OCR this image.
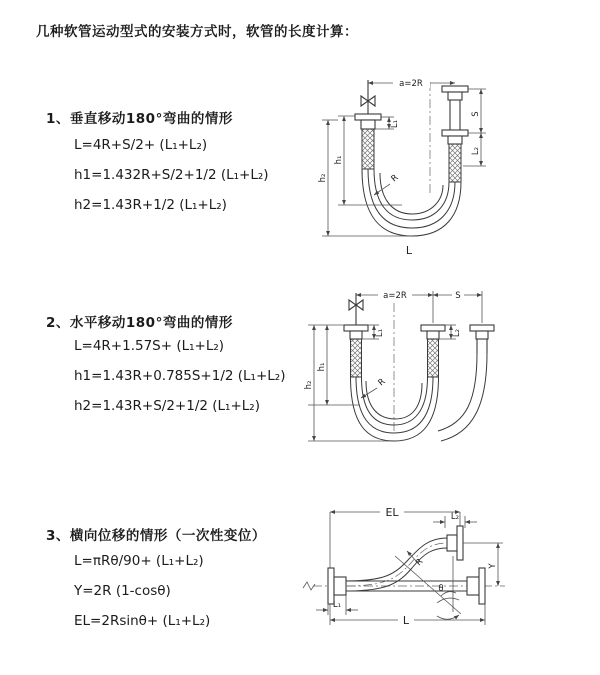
几种软管运动型式的安装方式时，软管的长度计算：
1、垂直移动180°弯曲的情形
L=4R+S/2+ (L₁+L₂)
h1=1.432R+S/2+1/2 (L₁+L₂)
h2=1.43R+1/2 (L₁+L₂)
a=2R
R
S
L₂
L₁
h₁
h₂
L
2、水平移动180°弯曲的情形
L=4R+1.57S+ (L₁+L₂)
h1=1.43R+0.785S+1/2 (L₁+L₂)
h2=1.43R+S/2+1/2 (L₁+L₂)
a=2R	S
R
L₁	L₂
h₁
h₂
3、横向位移的情形（一次性变位）
L=πRθ/90+ (L₁+L₂)
Y=2R (1-cosθ)
EL=2Rsinθ+ (L₁+L₂)
EL	L₂
Y
R
θ
L₁
L
